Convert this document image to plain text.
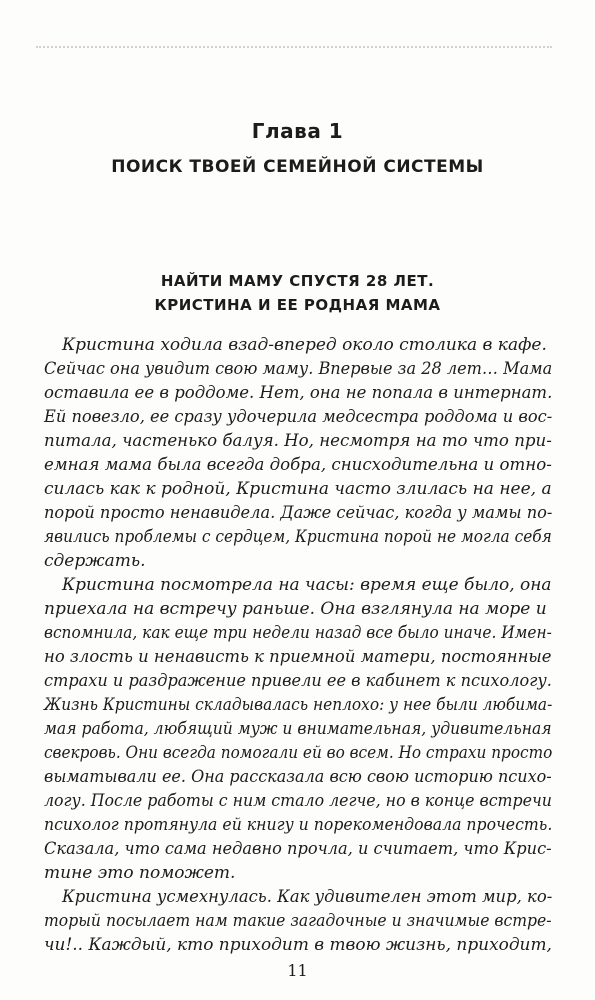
Глава 1
ПОИСК ТВОЕЙ СЕМЕЙНОЙ СИСТЕМЫ
НАЙТИ МАМУ СПУСТЯ 28 ЛЕТ.
КРИСТИНА И ЕЕ РОДНАЯ МАМА
Кристина ходила взад-вперед около столика в кафе.
Сейчас она увидит свою маму. Впервые за 28 лет… Мама
оставила ее в роддоме. Нет, она не попала в интернат.
Ей повезло, ее сразу удочерила медсестра роддома и вос-
питала, частенько балуя. Но, несмотря на то что при-
емная мама была всегда добра, снисходительна и отно-
силась как к родной, Кристина часто злилась на нее, а
порой просто ненавидела. Даже сейчас, когда у мамы по-
явились проблемы с сердцем, Кристина порой не могла себя
сдержать.
Кристина посмотрела на часы: время еще было, она
приехала на встречу раньше. Она взглянула на море и
вспомнила, как еще три недели назад все было иначе. Имен-
но злость и ненависть к приемной матери, постоянные
страхи и раздражение привели ее в кабинет к психологу.
Жизнь Кристины складывалась неплохо: у нее были любима-
мая работа, любящий муж и внимательная, удивительная
свекровь. Они всегда помогали ей во всем. Но страхи просто
выматывали ее. Она рассказала всю свою историю психо-
логу. После работы с ним стало легче, но в конце встречи
психолог протянула ей книгу и порекомендовала прочесть.
Сказала, что сама недавно прочла, и считает, что Крис-
тине это поможет.
Кристина усмехнулась. Как удивителен этот мир, ко-
торый посылает нам такие загадочные и значимые встре-
чи!.. Каждый, кто приходит в твою жизнь, приходит,
11
